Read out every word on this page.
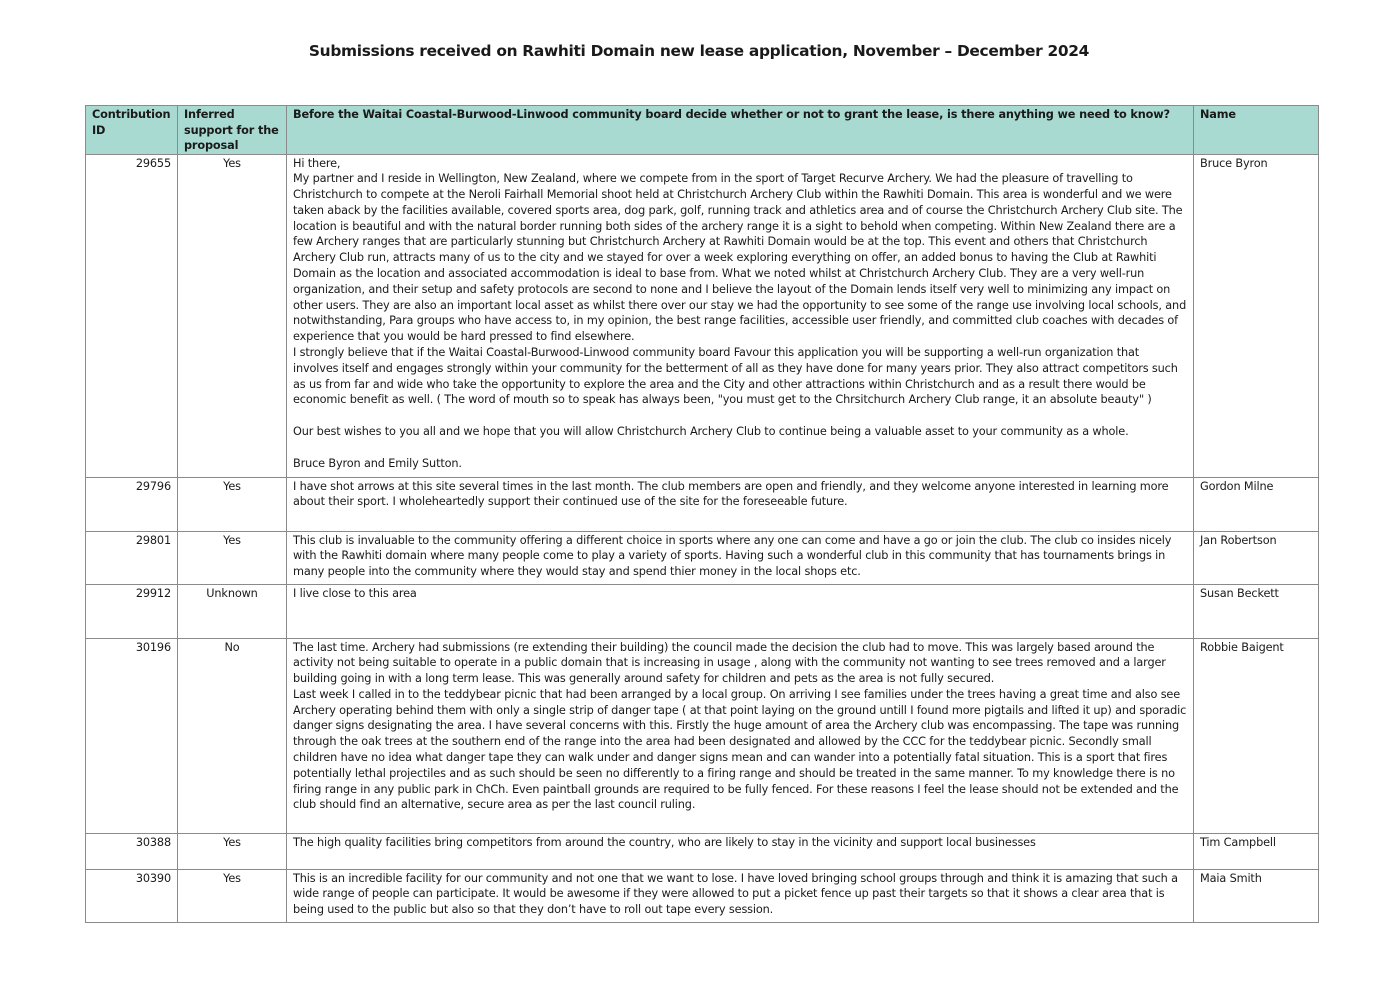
Submissions received on Rawhiti Domain new lease application, November – December 2024
Contribution ID	Inferred support for the proposal	Before the Waitai Coastal-Burwood-Linwood community board decide whether or not to grant the lease, is there anything we need to know?	Name
29655	Yes	Hi there,
My partner and I reside in Wellington, New Zealand, where we compete from in the sport of Target Recurve Archery. We had the pleasure of travelling to Christchurch to compete at the Neroli Fairhall Memorial shoot held at Christchurch Archery Club within the Rawhiti Domain. This area is wonderful and we were taken aback by the facilities available, covered sports area, dog park, golf, running track and athletics area and of course the Christchurch Archery Club site. The location is beautiful and with the natural border running both sides of the archery range it is a sight to behold when competing. Within New Zealand there are a few Archery ranges that are particularly stunning but Christchurch Archery at Rawhiti Domain would be at the top. This event and others that Christchurch Archery Club run, attracts many of us to the city and we stayed for over a week exploring everything on offer, an added bonus to having the Club at Rawhiti Domain as the location and associated accommodation is ideal to base from. What we noted whilst at Christchurch Archery Club. They are a very well-run organization, and their setup and safety protocols are second to none and I believe the layout of the Domain lends itself very well to minimizing any impact on other users. They are also an important local asset as whilst there over our stay we had the opportunity to see some of the range use involving local schools, and notwithstanding, Para groups who have access to, in my opinion, the best range facilities, accessible user friendly, and committed club coaches with decades of experience that you would be hard pressed to find elsewhere.
I strongly believe that if the Waitai Coastal-Burwood-Linwood community board Favour this application you will be supporting a well-run organization that involves itself and engages strongly within your community for the betterment of all as they have done for many years prior. They also attract competitors such as us from far and wide who take the opportunity to explore the area and the City and other attractions within Christchurch and as a result there would be economic benefit as well. ( The word of mouth so to speak has always been, "you must get to the Chrsitchurch Archery Club range, it an absolute beauty" )
Our best wishes to you all and we hope that you will allow Christchurch Archery Club to continue being a valuable asset to your community as a whole.
Bruce Byron and Emily Sutton.	Bruce Byron
29796	Yes	I have shot arrows at this site several times in the last month. The club members are open and friendly, and they welcome anyone interested in learning more about their sport. I wholeheartedly support their continued use of the site for the foreseeable future.	Gordon Milne
29801	Yes	This club is invaluable to the community offering a different choice in sports where any one can come and have a go or join the club. The club co insides nicely with the Rawhiti domain where many people come to play a variety of sports. Having such a wonderful club in this community that has tournaments brings in many people into the community where they would stay and spend thier money in the local shops etc.	Jan Robertson
29912	Unknown	I live close to this area	Susan Beckett
30196	No	The last time. Archery had submissions (re extending their building) the council made the decision the club had to move. This was largely based around the activity not being suitable to operate in a public domain that is increasing in usage , along with the community not wanting to see trees removed and a larger building going in with a long term lease. This was generally around safety for children and pets as the area is not fully secured.
Last week I called in to the teddybear picnic that had been arranged by a local group. On arriving I see families under the trees having a great time and also see Archery operating behind them with only a single strip of danger tape ( at that point laying on the ground untill I found more pigtails and lifted it up) and sporadic danger signs designating the area. I have several concerns with this. Firstly the huge amount of area the Archery club was encompassing. The tape was running through the oak trees at the southern end of the range into the area had been designated and allowed by the CCC for the teddybear picnic. Secondly small children have no idea what danger tape they can walk under and danger signs mean and can wander into a potentially fatal situation. This is a sport that fires potentially lethal projectiles and as such should be seen no differently to a firing range and should be treated in the same manner. To my knowledge there is no firing range in any public park in ChCh. Even paintball grounds are required to be fully fenced. For these reasons I feel the lease should not be extended and the club should find an alternative, secure area as per the last council ruling.	Robbie Baigent
30388	Yes	The high quality facilities bring competitors from around the country, who are likely to stay in the vicinity and support local businesses	Tim Campbell
30390	Yes	This is an incredible facility for our community and not one that we want to lose. I have loved bringing school groups through and think it is amazing that such a wide range of people can participate. It would be awesome if they were allowed to put a picket fence up past their targets so that it shows a clear area that is being used to the public but also so that they don’t have to roll out tape every session.	Maia Smith
